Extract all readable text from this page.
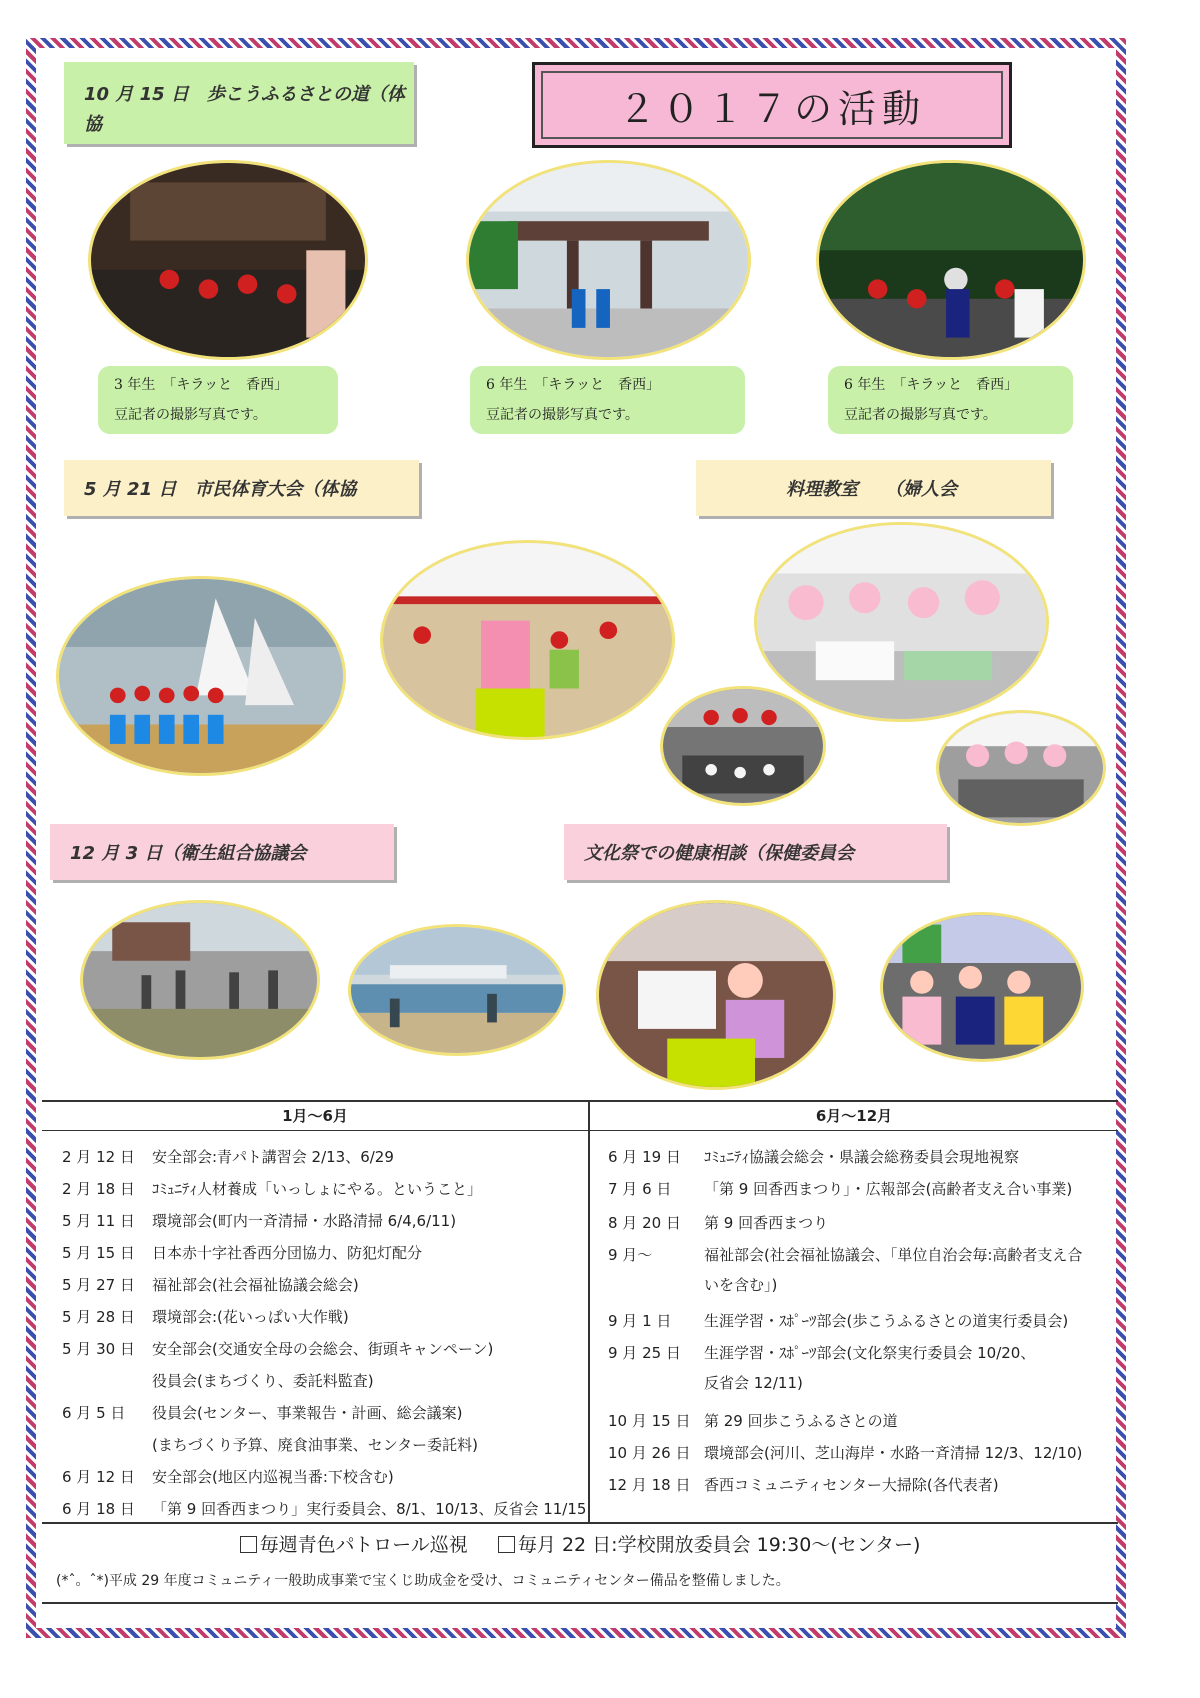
10 月 15 日　歩こうふるさとの道（体協	２０１７の活動
3 年生　「キラッと　香西」
豆記者の撮影写真です。
6 年生　「キラッと　香西」
豆記者の撮影写真です。
6 年生　「キラッと　香西」
豆記者の撮影写真です。
5 月 21 日　市民体育大会（体協	料理教室　　（婦人会
12 月 3 日（衛生組合協議会	文化祭での健康相談（保健委員会
1月～6月	6月～12月
2 月 12 日 安全部会:青パト講習会 2/13、6/29
2 月 18 日 ｺﾐｭﾆﾃｨ人材養成「いっしょにやる。ということ」
5 月 11 日 環境部会(町内一斉清掃・水路清掃 6/4,6/11)
5 月 15 日 日本赤十字社香西分団協力、防犯灯配分
5 月 27 日 福祉部会(社会福祉協議会総会)
5 月 28 日 環境部会:(花いっぱい大作戦)
5 月 30 日 安全部会(交通安全母の会総会、街頭キャンペーン)
役員会(まちづくり、委託料監査)
6 月 5 日 役員会(センター、事業報告・計画、総会議案)
(まちづくり予算、廃食油事業、センター委託料)
6 月 12 日 安全部会(地区内巡視当番:下校含む)
6 月 18 日 「第 9 回香西まつり」実行委員会、8/1、10/13、反省会 11/15
6 月 19 日 ｺﾐｭﾆﾃｨ協議会総会・県議会総務委員会現地視察
7 月 6 日 「第 9 回香西まつり」・広報部会(高齢者支え合い事業)
8 月 20 日 第 9 回香西まつり
9 月～	福祉部会(社会福祉協議会、「単位自治会毎:高齢者支え合
いを含む」)
9 月 1 日 生涯学習・ｽﾎﾟｰﾂ部会(歩こうふるさとの道実行委員会)
9 月 25 日 生涯学習・ｽﾎﾟｰﾂ部会(文化祭実行委員会 10/20、
反省会 12/11)
10 月 15 日 第 29 回歩こうふるさとの道
10 月 26 日 環境部会(河川、芝山海岸・水路一斉清掃 12/3、12/10)
12 月 18 日 香西コミュニティセンター大掃除(各代表者)
毎週青色パトロール巡視	毎月 22 日:学校開放委員会 19:30～(センター)
(*ˆ。ˆ*)平成 29 年度コミュニティ一般助成事業で宝くじ助成金を受け、コミュニティセンター備品を整備しました。
